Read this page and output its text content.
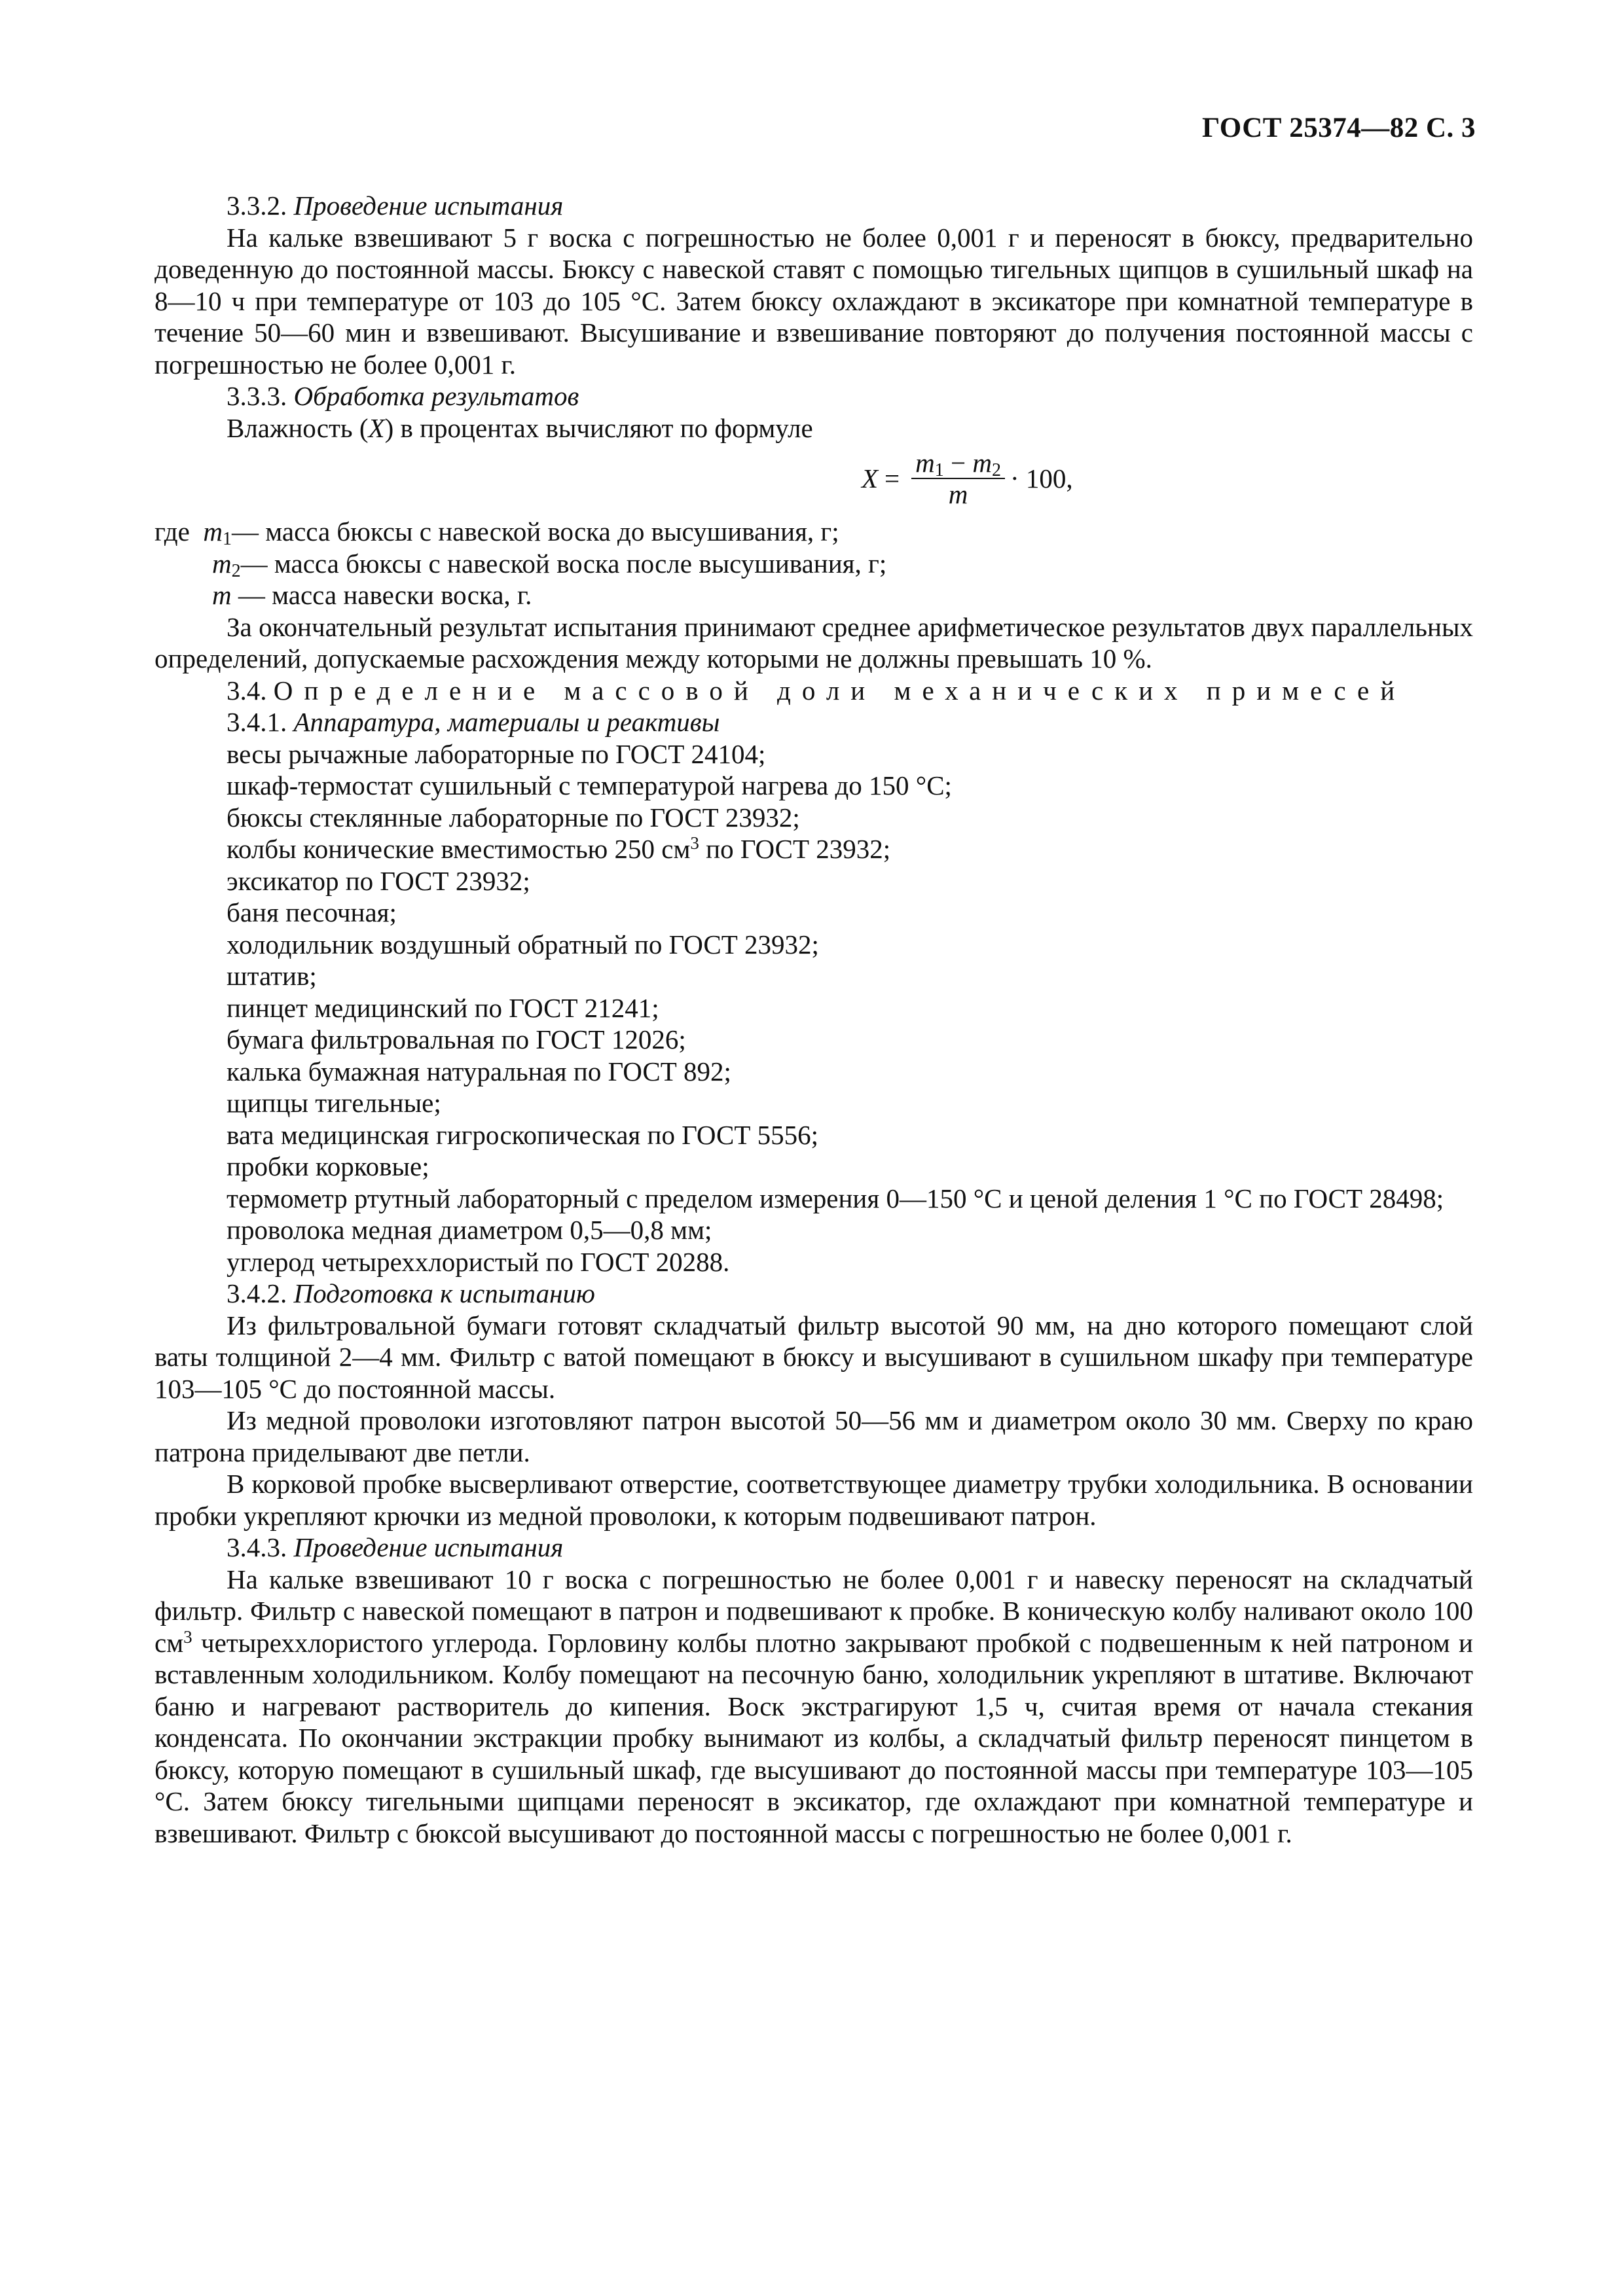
ГОСТ 25374—82 С. 3

3.3.2. Проведение испытания

На кальке взвешивают 5 г воска с погрешностью не более 0,001 г и переносят в бюксу, предварительно доведенную до постоянной массы. Бюксу с навеской ставят с помощью тигельных щипцов в сушильный шкаф на 8—10 ч при температуре от 103 до 105 °С. Затем бюксу охлаждают в эксикаторе при комнатной температуре в течение 50—60 мин и взвешивают. Высушивание и взвешивание повторяют до получения постоянной массы с погрешностью не более 0,001 г.

3.3.3. Обработка результатов

Влажность (X) в процентах вычисляют по формуле

$X = \frac{m_1 - m_2}{m} \cdot 100$,

где $m_1—$ масса бюксы с навеской воска до высушивания, г;

$m_2—$ масса бюксы с навеской воска после высушивания, г;

m — масса навески воска, г.

За окончательный результат испытания принимают среднее арифметическое результатов двух параллельных определений, допускаемые расхождения между которыми не должны превышать 10 %.

3.4. Определение массовой доли механических примесей

3.4.1. Аппаратура, материалы и реактивы

весы рычажные лабораторные по ГОСТ 24104;

шкаф-термостат сушильный с температурой нагрева до 150 °С;

бюксы стеклянные лабораторные по ГОСТ 23932;

колбы конические вместимостью 250 $см^3$ по ГОСТ 23932;

эксикатор по ГОСТ 23932;

баня песочная;

холодильник воздушный обратный по ГОСТ 23932;

штатив;

пинцет медицинский по ГОСТ 21241;

бумага фильтровальная по ГОСТ 12026;

калька бумажная натуральная по ГОСТ 892;

щипцы тигельные;

вата медицинская гигроскопическая по ГОСТ 5556;

пробки корковые;

термометр ртутный лабораторный с пределом измерения 0—150 °С и ценой деления 1 °С по ГОСТ 28498;

проволока медная диаметром 0,5—0,8 мм;

углерод четыреххлористый по ГОСТ 20288.

3.4.2. Подготовка к испытанию

Из фильтровальной бумаги готовят складчатый фильтр высотой 90 мм, на дно которого помещают слой ваты толщиной 2—4 мм. Фильтр с ватой помещают в бюксу и высушивают в сушильном шкафу при температуре 103—105 °С до постоянной массы.

Из медной проволоки изготовляют патрон высотой 50—56 мм и диаметром около 30 мм. Сверху по краю патрона приделывают две петли.

В корковой пробке высверливают отверстие, соответствующее диаметру трубки холодильника. В основании пробки укрепляют крючки из медной проволоки, к которым подвешивают патрон.

3.4.3. Проведение испытания

На кальке взвешивают 10 г воска с погрешностью не более 0,001 г и навеску переносят на складчатый фильтр. Фильтр с навеской помещают в патрон и подвешивают к пробке. В коническую колбу наливают около 100 $см^3$ четыреххлористого углерода. Горловину колбы плотно закрывают пробкой с подвешенным к ней патроном и вставленным холодильником. Колбу помещают на песочную баню, холодильник укрепляют в штативе. Включают баню и нагревают растворитель до кипения. Воск экстрагируют 1,5 ч, считая время от начала стекания конденсата. По окончании экстракции пробку вынимают из колбы, а складчатый фильтр переносят пинцетом в бюксу, которую помещают в сушильный шкаф, где высушивают до постоянной массы при температуре 103—105 °С. Затем бюксу тигельными щипцами переносят в эксикатор, где охлаждают при комнатной температуре и взвешивают. Фильтр с бюксой высушивают до постоянной массы с погрешностью не более 0,001 г.
